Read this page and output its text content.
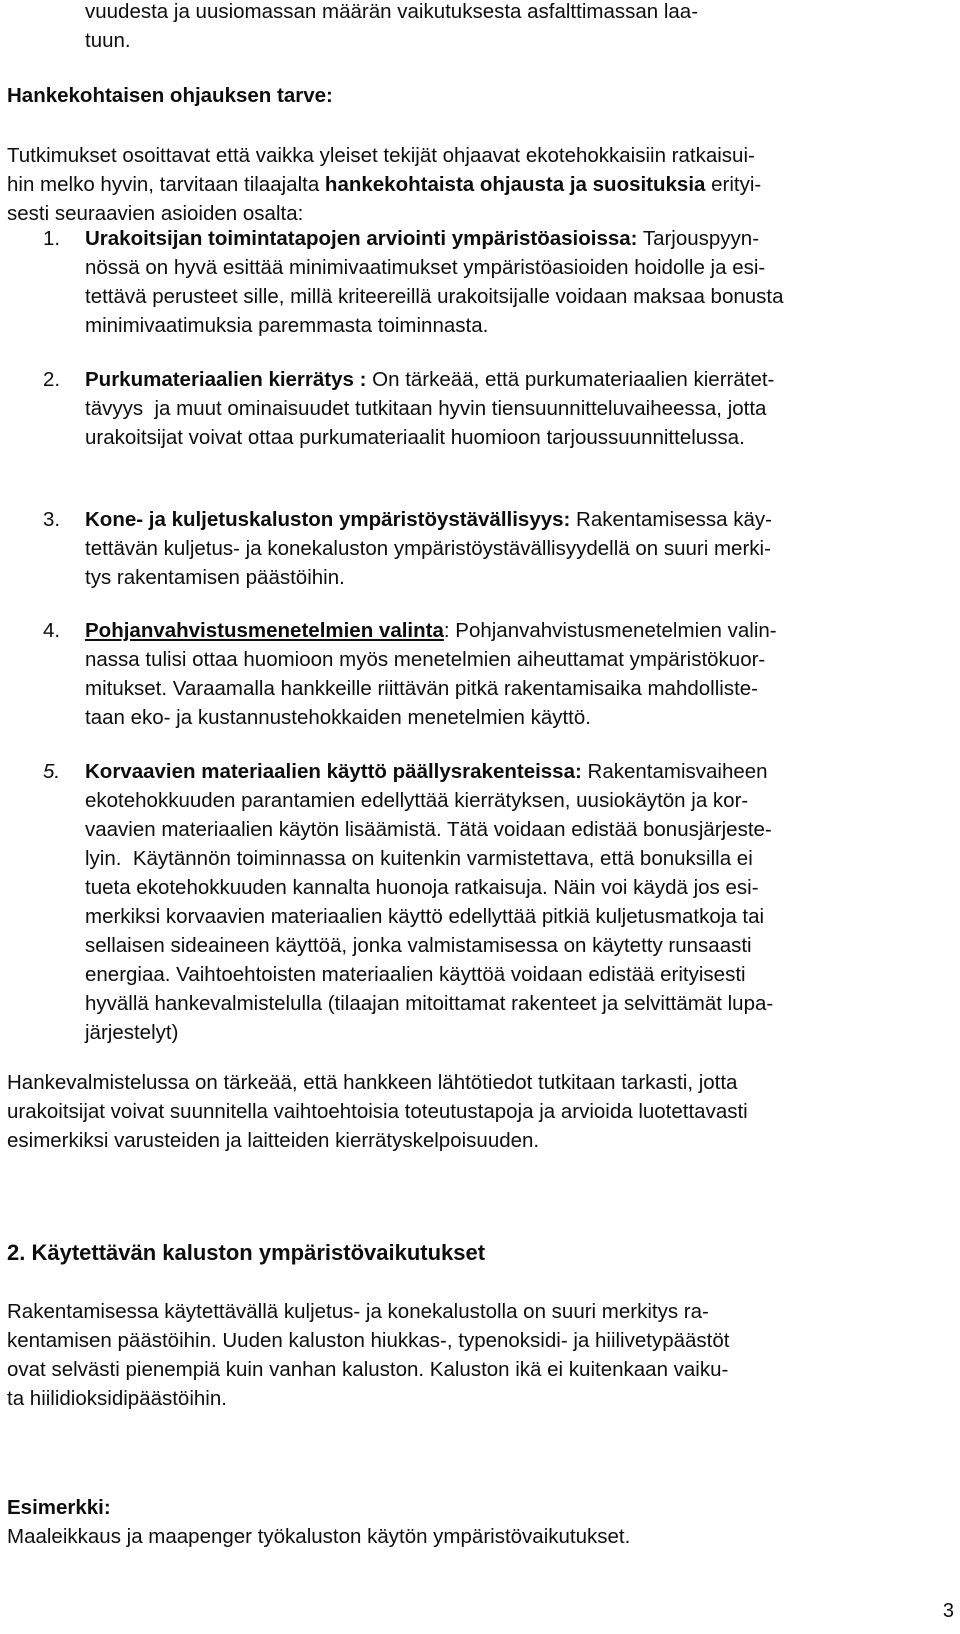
vuudesta ja uusiomassan määrän vaikutuksesta asfalttimassan laa-
tuun.

Hankekohtaisen ohjauksen tarve:

Tutkimukset osoittavat että vaikka yleiset tekijät ohjaavat ekotehokkaisiin ratkaisui-
hin melko hyvin, tarvitaan tilaajalta hankekohtaista ohjausta ja suosituksia erityi-
sesti seuraavien asioiden osalta:

1. Urakoitsijan toimintatapojen arviointi ympäristöasioissa: Tarjouspyyn-
nössä on hyvä esittää minimivaatimukset ympäristöasioiden hoidolle ja esi-
tettävä perusteet sille, millä kriteereillä urakoitsijalle voidaan maksaa bonusta
minimivaatimuksia paremmasta toiminnasta.

2. Purkumateriaalien kierrätys : On tärkeää, että purkumateriaalien kierrätet-
tävyys  ja muut ominaisuudet tutkitaan hyvin tiensuunnitteluvaiheessa, jotta
urakoitsijat voivat ottaa purkumateriaalit huomioon tarjoussuunnittelussa.

3. Kone- ja kuljetuskaluston ympäristöystävällisyys: Rakentamisessa käy-
tettävän kuljetus- ja konekaluston ympäristöystävällisyydellä on suuri merki-
tys rakentamisen päästöihin.

4. Pohjanvahvistusmenetelmien valinta: Pohjanvahvistusmenetelmien valin-
nassa tulisi ottaa huomioon myös menetelmien aiheuttamat ympäristökuor-
mitukset. Varaamalla hankkeille riittävän pitkä rakentamisaika mahdolliste-
taan eko- ja kustannustehokkaiden menetelmien käyttö.

5. Korvaavien materiaalien käyttö päällysrakenteissa: Rakentamisvaiheen
ekotehokkuuden parantamien edellyttää kierrätyksen, uusiokäytön ja kor-
vaavien materiaalien käytön lisäämistä. Tätä voidaan edistää bonusjärjeste-
lyin.  Käytännön toiminnassa on kuitenkin varmistettava, että bonuksilla ei
tueta ekotehokkuuden kannalta huonoja ratkaisuja. Näin voi käydä jos esi-
merkiksi korvaavien materiaalien käyttö edellyttää pitkiä kuljetusmatkoja tai
sellaisen sideaineen käyttöä, jonka valmistamisessa on käytetty runsaasti
energiaa. Vaihtoehtoisten materiaalien käyttöä voidaan edistää erityisesti
hyvällä hankevalmistelulla (tilaajan mitoittamat rakenteet ja selvittämät lupa-
järjestelyt)

Hankevalmistelussa on tärkeää, että hankkeen lähtötiedot tutkitaan tarkasti, jotta
urakoitsijat voivat suunnitella vaihtoehtoisia toteutustapoja ja arvioida luotettavasti
esimerkiksi varusteiden ja laitteiden kierrätyskelpoisuuden.

2. Käytettävän kaluston ympäristövaikutukset

Rakentamisessa käytettävällä kuljetus- ja konekalustolla on suuri merkitys ra-
kentamisen päästöihin. Uuden kaluston hiukkas-, typenoksidi- ja hiilivetypäästöt
ovat selvästi pienempiä kuin vanhan kaluston. Kaluston ikä ei kuitenkaan vaiku-
ta hiilidioksidipäästöihin.

Esimerkki:
Maaleikkaus ja maapenger työkaluston käytön ympäristövaikutukset.

3
